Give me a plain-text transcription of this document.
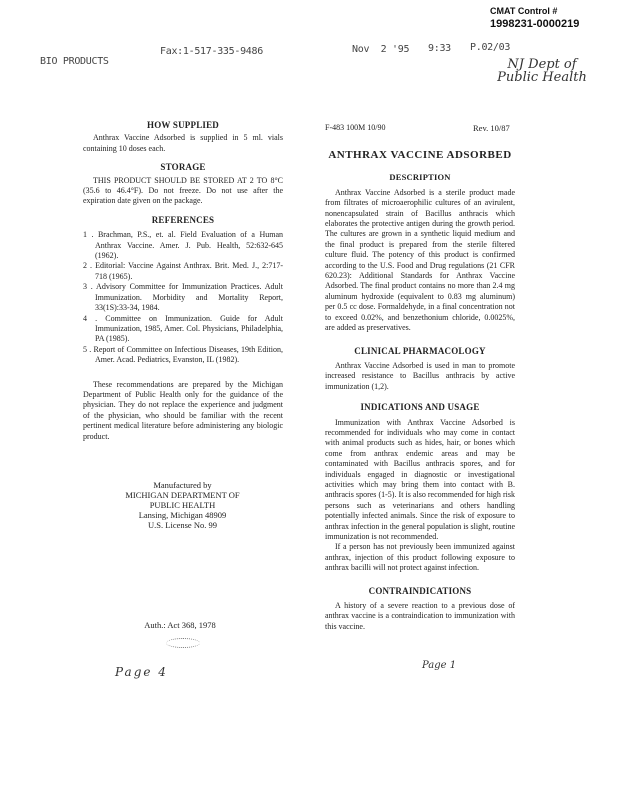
CMAT Control #
1998231-0000219
BIO PRODUCTS
Fax:1-517-335-9486	Nov  2 '95 9:33 P.02/03
NJ Dept of Public Health
HOW SUPPLIED

Anthrax Vaccine Adsorbed is supplied in 5 ml. vials containing 10 doses each.

STORAGE

THIS PRODUCT SHOULD BE STORED AT 2 TO 8°C (35.6 to 46.4°F). Do not freeze. Do not use after the expiration date given on the package.

REFERENCES
1 . Brachman, P.S., et. al. Field Evaluation of a Human Anthrax Vaccine. Amer. J. Pub. Health, 52:632-645 (1962).
2 . Editorial: Vaccine Against Anthrax. Brit. Med. J., 2:717-718 (1965).
3 . Advisory Committee for Immunization Practices. Adult Immunization. Morbidity and Mortality Report, 33(1S):33-34, 1984.
4 . Committee on Immunization. Guide for Adult Immunization, 1985, Amer. Col. Physicians, Philadelphia, PA (1985).
5 . Report of Committee on Infectious Diseases, 19th Edition, Amer. Acad. Pediatrics, Evanston, IL (1982).

These recommendations are prepared by the Michigan Department of Public Health only for the guidance of the physician. They do not replace the experience and judgment of the physician, who should be familiar with the recent pertinent medical literature before administering any biologic product.

Manufactured by
MICHIGAN DEPARTMENT OF
PUBLIC HEALTH
Lansing, Michigan 48909
U.S. License No. 99
Auth.: Act 368, 1978
Page 4
F-483 100M 10/90	Rev. 10/87
ANTHRAX VACCINE ADSORBED
DESCRIPTION

Anthrax Vaccine Adsorbed is a sterile product made from filtrates of microaerophilic cultures of an avirulent, nonencapsulated strain of Bacillus anthracis which elaborates the protective antigen during the growth period. The cultures are grown in a synthetic liquid medium and the final product is prepared from the sterile filtered culture fluid. The potency of this product is confirmed according to the U.S. Food and Drug regulations (21 CFR 620.23): Additional Standards for Anthrax Vaccine Adsorbed. The final product contains no more than 2.4 mg aluminum hydroxide (equivalent to 0.83 mg aluminum) per 0.5 cc dose. Formaldehyde, in a final concentration not to exceed 0.02%, and benzethonium chloride, 0.0025%, are added as preservatives.

CLINICAL PHARMACOLOGY

Anthrax Vaccine Adsorbed is used in man to promote increased resistance to Bacillus anthracis by active immunization (1,2).

INDICATIONS AND USAGE

Immunization with Anthrax Vaccine Adsorbed is recommended for individuals who may come in contact with animal products such as hides, hair, or bones which come from anthrax endemic areas and may be contaminated with Bacillus anthracis spores, and for individuals engaged in diagnostic or investigational activities which may bring them into contact with B. anthracis spores (1-5). It is also recommended for high risk persons such as veterinarians and others handling potentially infected animals. Since the risk of exposure to anthrax infection in the general population is slight, routine immunization is not recommended.

If a person has not previously been immunized against anthrax, injection of this product following exposure to anthrax bacilli will not protect against infection.

CONTRAINDICATIONS

A history of a severe reaction to a previous dose of anthrax vaccine is a contraindication to immunization with this vaccine.

Page 1
